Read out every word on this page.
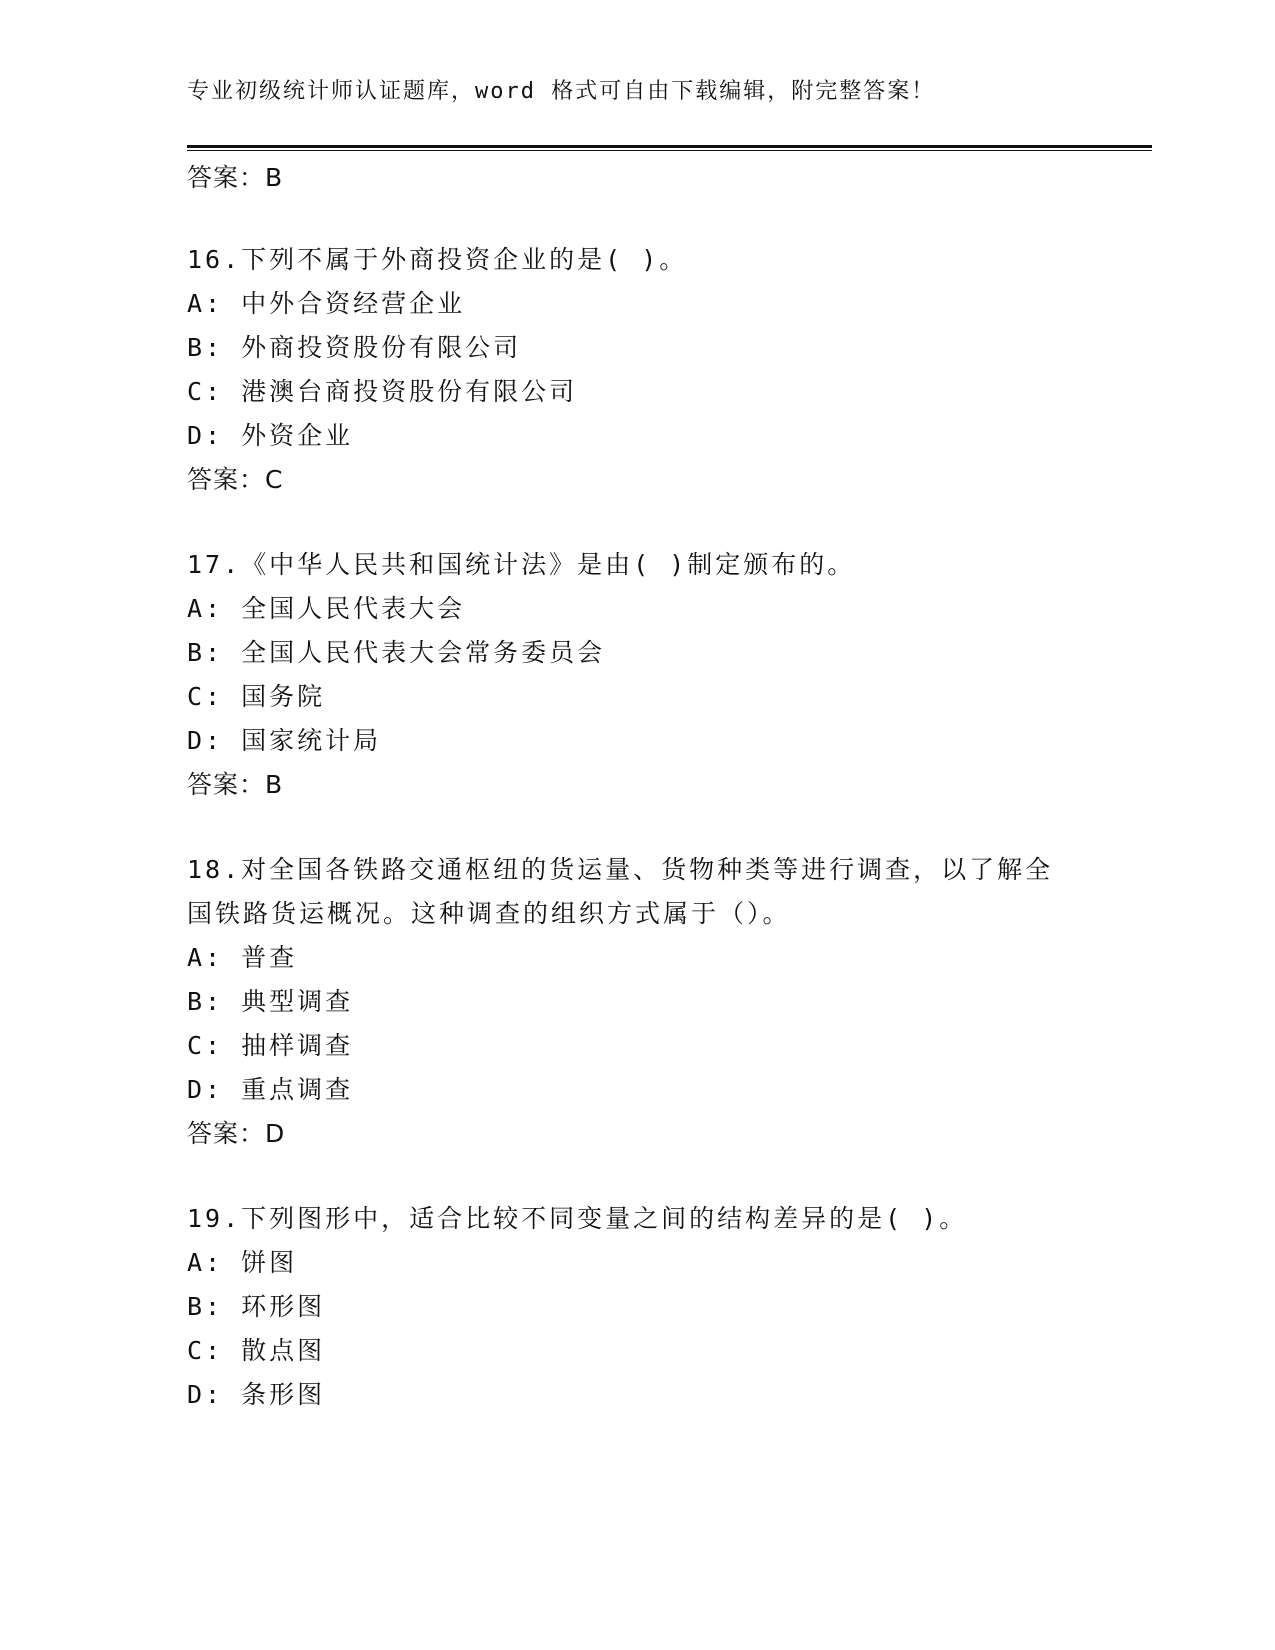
专业初级统计师认证题库，word 格式可自由下载编辑，附完整答案！
答案：B
16.下列不属于外商投资企业的是( )。
A: 中外合资经营企业
B: 外商投资股份有限公司
C: 港澳台商投资股份有限公司
D: 外资企业
答案：C
17.《中华人民共和国统计法》是由( )制定颁布的。
A: 全国人民代表大会
B: 全国人民代表大会常务委员会
C: 国务院
D: 国家统计局
答案：B
18.对全国各铁路交通枢纽的货运量、货物种类等进行调查，以了解全
国铁路货运概况。这种调查的组织方式属于（）。
A: 普查
B: 典型调查
C: 抽样调查
D: 重点调查
答案：D
19.下列图形中，适合比较不同变量之间的结构差异的是( )。
A: 饼图
B: 环形图
C: 散点图
D: 条形图
